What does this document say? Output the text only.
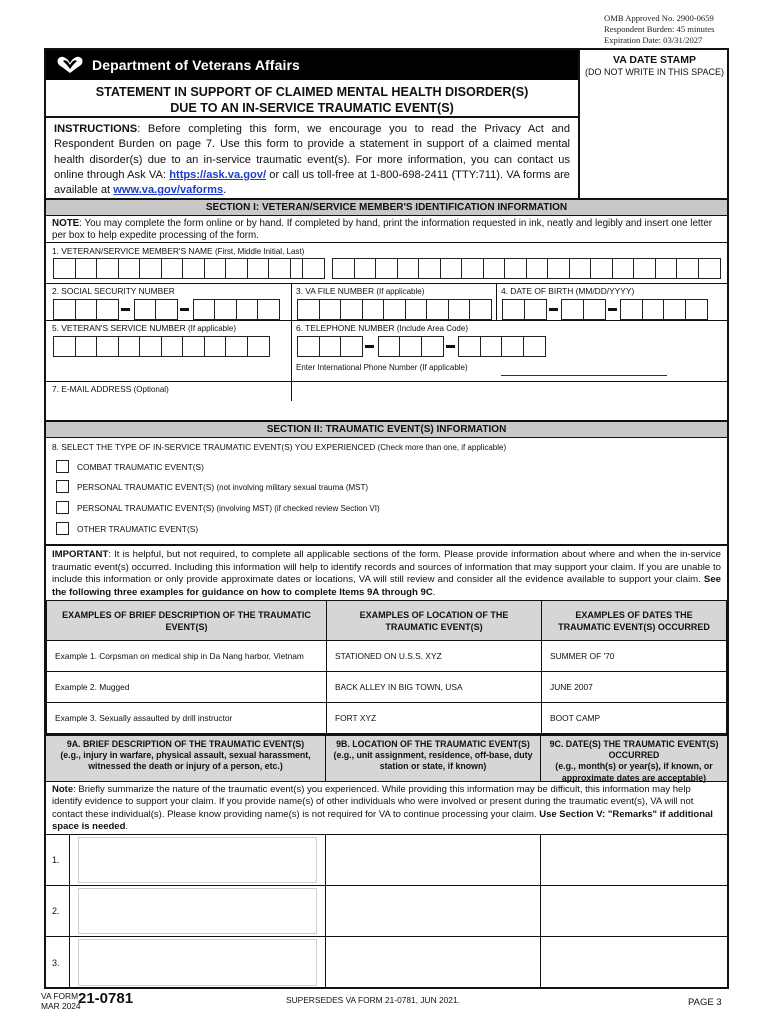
OMB Approved No. 2900-0659
Respondent Burden: 45 minutes
Expiration Date: 03/31/2027
Department of Veterans Affairs	VA DATE STAMP
(DO NOT WRITE IN THIS SPACE)
STATEMENT IN SUPPORT OF CLAIMED MENTAL HEALTH DISORDER(S)
DUE TO AN IN-SERVICE TRAUMATIC EVENT(S)
INSTRUCTIONS: Before completing this form, we encourage you to read the Privacy Act and Respondent Burden on page 7. Use this form to provide a statement in support of a claimed mental health disorder(s) due to an in-service traumatic event(s). For more information, you can contact us online through Ask VA: https://ask.va.gov/ or call us toll-free at 1-800-698-2411 (TTY:711). VA forms are available at www.va.gov/vaforms.
SECTION I: VETERAN/SERVICE MEMBER'S IDENTIFICATION INFORMATION
NOTE: You may complete the form online or by hand. If completed by hand, print the information requested in ink, neatly and legibly and insert one letter per box to help expedite processing of the form.
1. VETERAN/SERVICE MEMBER'S NAME (First, Middle Initial, Last)
2. SOCIAL SECURITY NUMBER	3. VA FILE NUMBER (If applicable)	4. DATE OF BIRTH (MM/DD/YYYY)
5. VETERAN'S SERVICE NUMBER (If applicable)	6. TELEPHONE NUMBER (Include Area Code)
Enter International Phone Number (If applicable)
7. E-MAIL ADDRESS (Optional)
SECTION II: TRAUMATIC EVENT(S) INFORMATION
8. SELECT THE TYPE OF IN-SERVICE TRAUMATIC EVENT(S) YOU EXPERIENCED (Check more than one, if applicable)
COMBAT TRAUMATIC EVENT(S)
PERSONAL TRAUMATIC EVENT(S) (not involving military sexual trauma (MST)
PERSONAL TRAUMATIC EVENT(S) (involving MST) (if checked review Section VI)
OTHER TRAUMATIC EVENT(S)
IMPORTANT: It is helpful, but not required, to complete all applicable sections of the form. Please provide information about where and when the in-service traumatic event(s) occurred. Including this information will help to identify records and sources of information that may support your claim. If you are unable to include this information or only provide approximate dates or locations, VA will still review and consider all the evidence available to support your claim. See the following three examples for guidance on how to complete Items 9A through 9C.
EXAMPLES OF BRIEF DESCRIPTION OF THE TRAUMATIC EVENT(S)	EXAMPLES OF LOCATION OF THE TRAUMATIC EVENT(S)	EXAMPLES OF DATES THE TRAUMATIC EVENT(S) OCCURRED
Example 1. Corpsman on medical ship in Da Nang harbor, Vietnam	STATIONED ON U.S.S. XYZ	SUMMER OF '70
Example 2. Mugged	BACK ALLEY IN BIG TOWN, USA	JUNE 2007
Example 3. Sexually assaulted by drill instructor	FORT XYZ	BOOT CAMP
9A. BRIEF DESCRIPTION OF THE TRAUMATIC EVENT(S)
(e.g., injury in warfare, physical assault, sexual harassment, witnessed the death or injury of a person, etc.)
9B. LOCATION OF THE TRAUMATIC EVENT(S)
(e.g., unit assignment, residence, off-base, duty station or state, if known)
9C. DATE(S) THE TRAUMATIC EVENT(S) OCCURRED
(e.g., month(s) or year(s), if known, or approximate dates are acceptable)
Note: Briefly summarize the nature of the traumatic event(s) you experienced. While providing this information may be difficult, this information may help identify evidence to support your claim. If you provide name(s) of other individuals who were involved or present during the traumatic event(s), VA will not contact these individual(s). Please know providing name(s) is not required for VA to continue processing your claim. Use Section V: "Remarks" if additional space is needed.
1.
2.
3.
VA FORM
MAR 2024
21-0781	SUPERSEDES VA FORM 21-0781, JUN 2021.	PAGE 3
